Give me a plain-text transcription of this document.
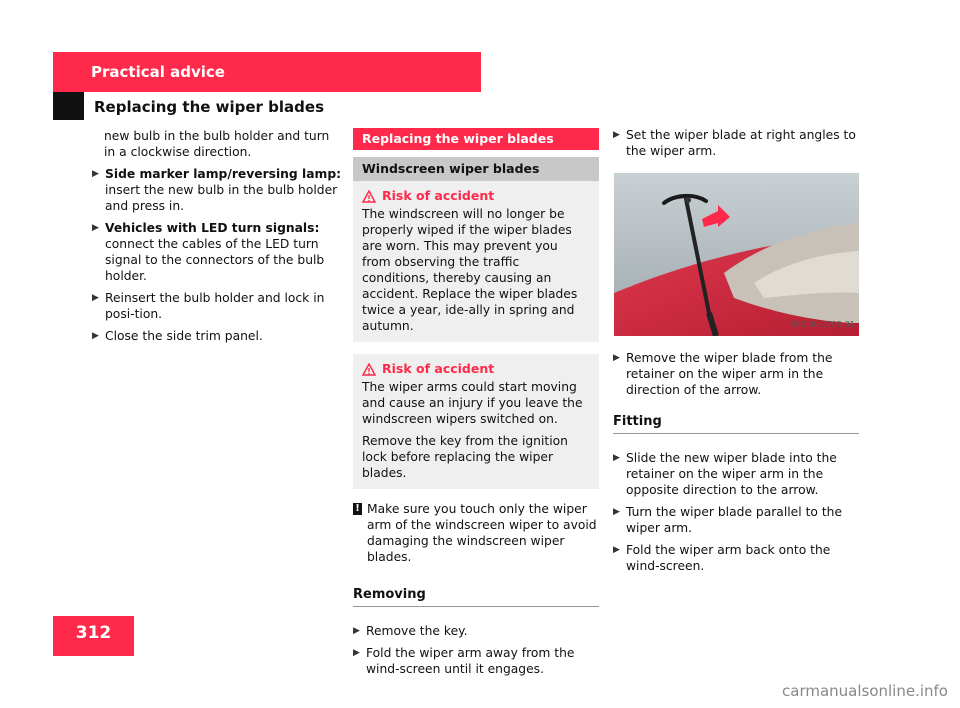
Practical advice
Replacing the wiper blades

new bulb in the bulb holder and turn in a clockwise direction.

▶ Side marker lamp/reversing lamp:
insert the new bulb in the bulb holder and press in.
▶ Vehicles with LED turn signals: connect the cables of the LED turn signal to the connectors of the bulb holder.
▶ Reinsert the bulb holder and lock in posi-tion.
▶ Close the side trim panel.
Replacing the wiper blades
Windscreen wiper blades
Risk of accident
The windscreen will no longer be properly wiped if the wiper blades are worn. This may prevent you from observing the traffic conditions, thereby causing an accident. Replace the wiper blades twice a year, ide-ally in spring and autumn.
Risk of accident
The wiper arms could start moving and cause an injury if you leave the windscreen wipers switched on.
Remove the key from the ignition lock before replacing the wiper blades.
! Make sure you touch only the wiper arm of the windscreen wiper to avoid damaging the windscreen wiper blades.
Removing
▶ Remove the key.
▶ Fold the wiper arm away from the wind-screen until it engages.
▶ Set the wiper blade at right angles to the wiper arm.
P82.30-2702-31
▶ Remove the wiper blade from the retainer on the wiper arm in the direction of the arrow.
Fitting
▶ Slide the new wiper blade into the retainer on the wiper arm in the opposite direction to the arrow.
▶ Turn the wiper blade parallel to the wiper arm.
▶ Fold the wiper arm back onto the wind-screen.
312
carmanualsonline.info
